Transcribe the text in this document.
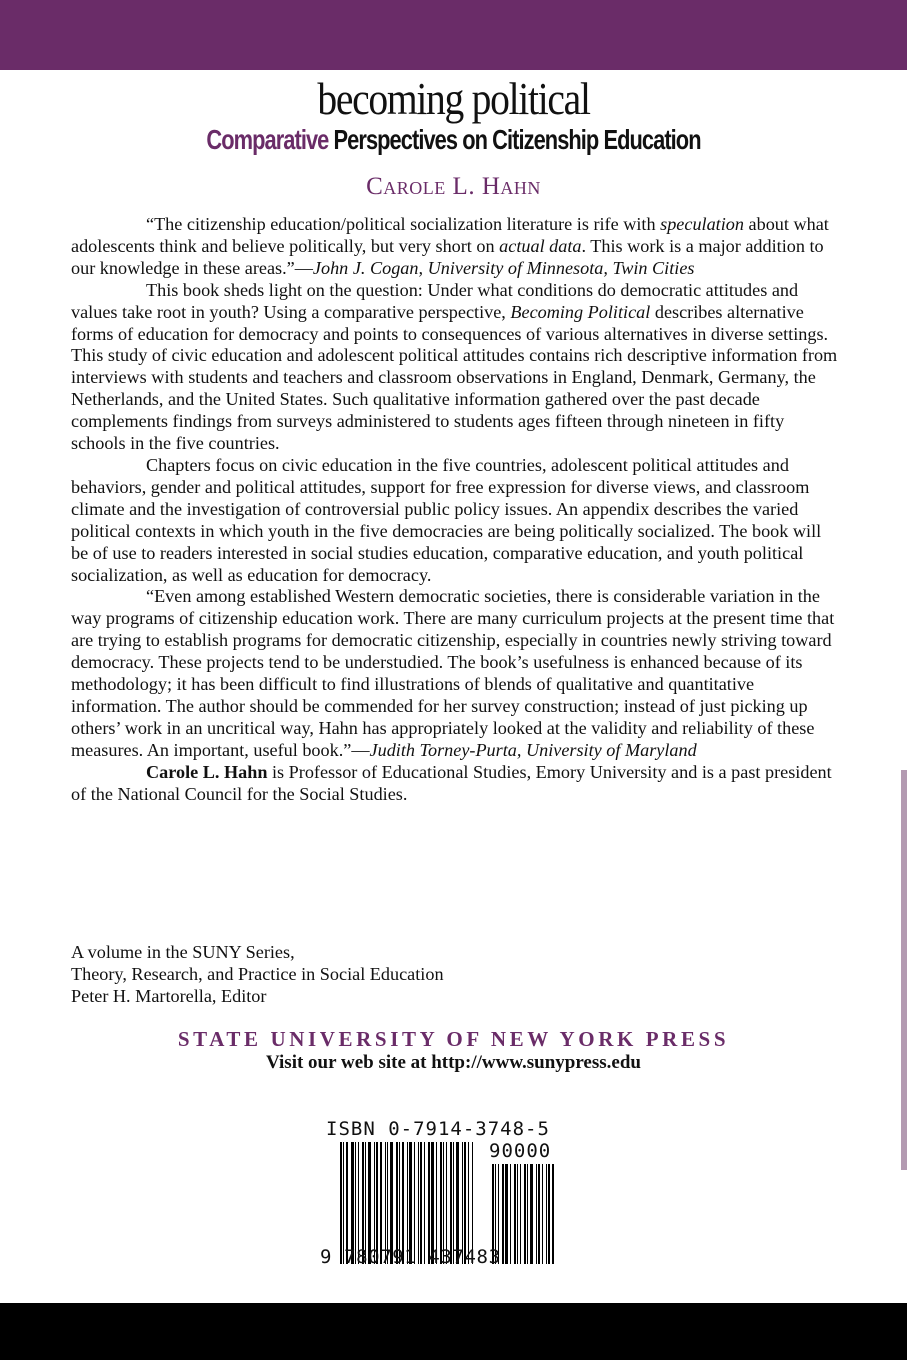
becoming political
Comparative Perspectives on Citizenship Education
Carole L. Hahn

“The citizenship education/political socialization literature is rife with speculation about what adolescents think and believe politically, but very short on actual data. This work is a major addition to our knowledge in these areas.”—John J. Cogan, University of Minnesota, Twin Cities

This book sheds light on the question: Under what conditions do democratic attitudes and values take root in youth? Using a comparative perspective, Becoming Political describes alternative forms of education for democracy and points to consequences of various alternatives in diverse settings. This study of civic education and adolescent political attitudes contains rich descriptive information from interviews with students and teachers and classroom observations in England, Denmark, Germany, the Netherlands, and the United States. Such qualitative information gathered over the past decade complements findings from surveys administered to students ages fifteen through nineteen in fifty schools in the five countries.

Chapters focus on civic education in the five countries, adolescent political attitudes and behaviors, gender and political attitudes, support for free expression for diverse views, and classroom climate and the investigation of controversial public policy issues. An appendix describes the varied political contexts in which youth in the five democracies are being politically socialized. The book will be of use to readers interested in social studies education, comparative education, and youth political socialization, as well as education for democracy.

“Even among established Western democratic societies, there is considerable variation in the way programs of citizenship education work. There are many curriculum projects at the present time that are trying to establish programs for democratic citizenship, especially in countries newly striving toward democracy. These projects tend to be understudied. The book’s usefulness is enhanced because of its methodology; it has been difficult to find illustrations of blends of qualitative and quantitative information. The author should be commended for her survey construction; instead of just picking up others’ work in an uncritical way, Hahn has appropriately looked at the validity and reliability of these measures. An important, useful book.”—Judith Torney-Purta, University of Maryland

Carole L. Hahn is Professor of Educational Studies, Emory University and is a past president of the National Council for the Social Studies.

A volume in the SUNY Series,
Theory, Research, and Practice in Social Education
Peter H. Martorella, Editor
STATE UNIVERSITY OF NEW YORK PRESS
Visit our web site at http://www.sunypress.edu
ISBN 0-7914-3748-5
90000
9 780791 437483
